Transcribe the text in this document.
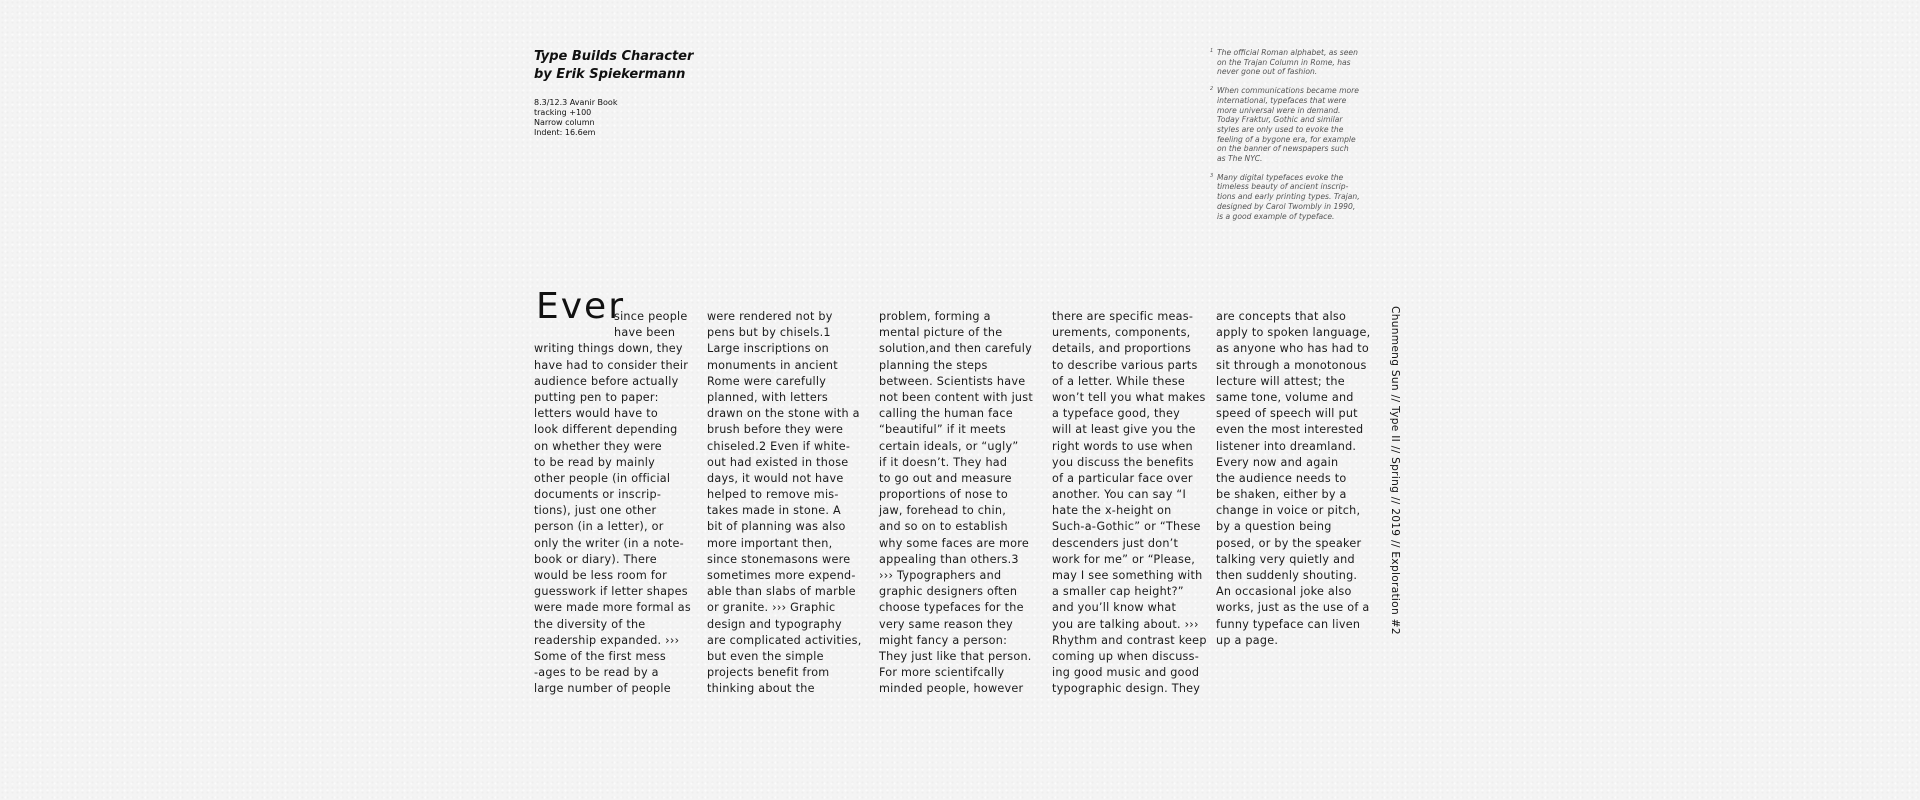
Type Builds Character
by Erik Spiekermann
8.3/12.3 Avanir Book
tracking +100
Narrow column
Indent: 16.6em
1 The official Roman alphabet, as seen
on the Trajan Column in Rome, has
never gone out of fashion.
2 When communications became more
international, typefaces that were
more universal were in demand.
Today Fraktur, Gothic and similar
styles are only used to evoke the
feeling of a bygone era, for example
on the banner of newspapers such
as The NYC.
3 Many digital typefaces evoke the
timeless beauty of ancient inscrip-
tions and early printing types. Trajan,
designed by Carol Twombly in 1990,
is a good example of typeface.
Ever
since people
have been
writing things down, they
have had to consider their
audience before actually
putting pen to paper:
letters would have to
look different depending
on whether they were
to be read by mainly
other people (in official
documents or inscrip-
tions), just one other
person (in a letter), or
only the writer (in a note-
book or diary). There
would be less room for
guesswork if letter shapes
were made more formal as
the diversity of the
readership expanded. ›››
Some of the first mess
-ages to be read by a
large number of people
were rendered not by
pens but by chisels.1
Large inscriptions on
monuments in ancient
Rome were carefully
planned, with letters
drawn on the stone with a
brush before they were
chiseled.2 Even if white-
out had existed in those
days, it would not have
helped to remove mis-
takes made in stone. A
bit of planning was also
more important then,
since stonemasons were
sometimes more expend-
able than slabs of marble
or granite. ››› Graphic
design and typography
are complicated activities,
but even the simple
projects benefit from
thinking about the
problem, forming a
mental picture of the
solution,and then carefuly
planning the steps
between. Scientists have
not been content with just
calling the human face
“beautiful” if it meets
certain ideals, or “ugly”
if it doesn’t. They had
to go out and measure
proportions of nose to
jaw, forehead to chin,
and so on to establish
why some faces are more
appealing than others.3
››› Typographers and
graphic designers often
choose typefaces for the
very same reason they
might fancy a person:
They just like that person.
For more scientifcally
minded people, however
there are specific meas-
urements, components,
details, and proportions
to describe various parts
of a letter. While these
won’t tell you what makes
a typeface good, they
will at least give you the
right words to use when
you discuss the benefits
of a particular face over
another. You can say “I
hate the x-height on
Such-a-Gothic” or “These
descenders just don’t
work for me” or “Please,
may I see something with
a smaller cap height?”
and you’ll know what
you are talking about. ›››
Rhythm and contrast keep
coming up when discuss-
ing good music and good
typographic design. They
are concepts that also
apply to spoken language,
as anyone who has had to
sit through a monotonous
lecture will attest; the
same tone, volume and
speed of speech will put
even the most interested
listener into dreamland.
Every now and again
the audience needs to
be shaken, either by a
change in voice or pitch,
by a question being
posed, or by the speaker
talking very quietly and
then suddenly shouting.
An occasional joke also
works, just as the use of a
funny typeface can liven
up a page.
Chunmeng Sun // Type II // Spring // 2019 // Exploration #2
